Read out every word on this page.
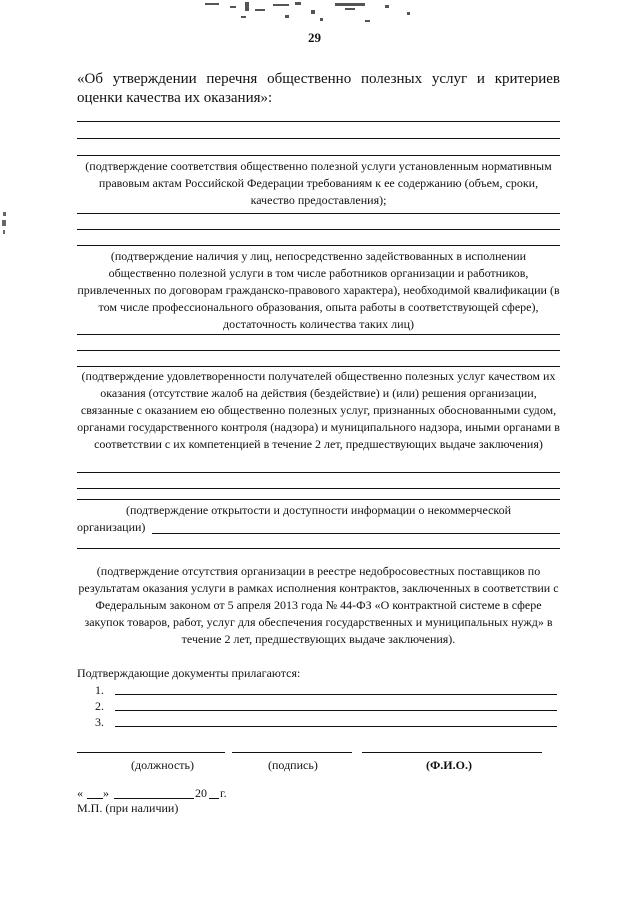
29
«Об утверждении перечня общественно полезных услуг и критериев оценки качества их оказания»:
(подтверждение соответствия общественно полезной услуги установленным нормативным правовым актам Российской Федерации требованиям к ее содержанию (объем, сроки, качество предоставления);
(подтверждение наличия у лиц, непосредственно задействованных в исполнении общественно полезной услуги в том числе работников организации и работников, привлеченных по договорам гражданско-правового характера), необходимой квалификации (в том числе профессионального образования, опыта работы в соответствующей сфере), достаточность количества таких лиц)
(подтверждение удовлетворенности получателей общественно полезных услуг качеством их оказания (отсутствие жалоб на действия (бездействие) и (или) решения организации, связанные с оказанием ею общественно полезных услуг, признанных обоснованными судом, органами государственного контроля (надзора) и муниципального надзора, иными органами в соответствии с их компетенцией в течение 2 лет, предшествующих выдаче заключения)
(подтверждение открытости и доступности информации о некоммерческой
организации)
(подтверждение отсутствия организации в реестре недобросовестных поставщиков по результатам оказания услуги в рамках исполнения контрактов, заключенных в соответствии с Федеральным законом от 5 апреля 2013 года № 44-ФЗ «О контрактной системе в сфере закупок товаров, работ, услуг для обеспечения государственных и муниципальных нужд» в течение 2 лет, предшествующих выдаче заключения).
Подтверждающие документы прилагаются:
1.
2.
3.
(должность)	(подпись)	(Ф.И.О.)
« »	20 г.
М.П. (при наличии)
